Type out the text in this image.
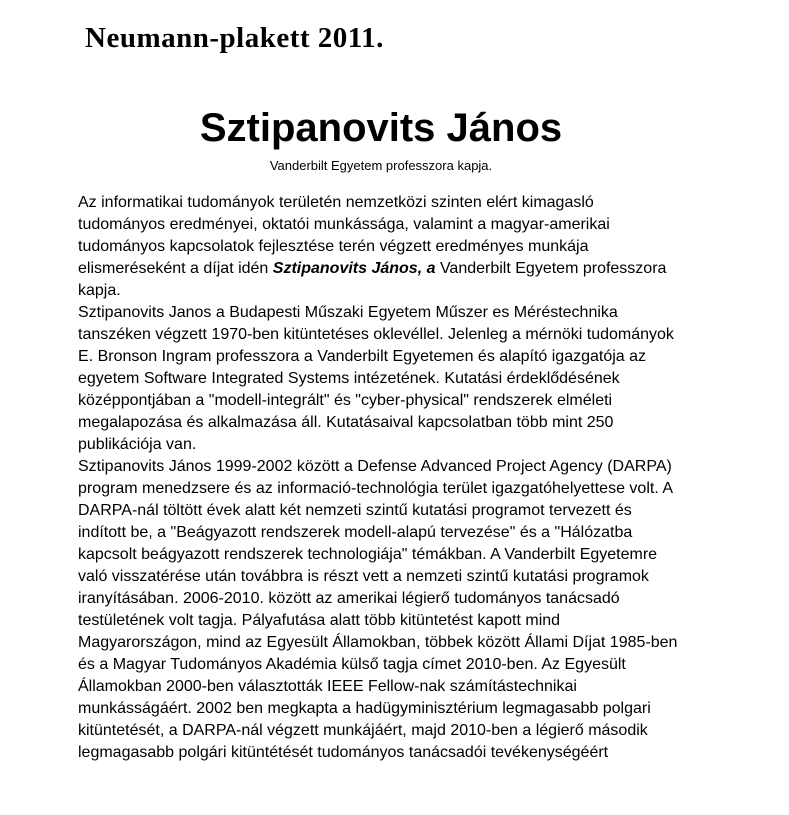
Neumann-plakett 2011.
Sztipanovits János
Vanderbilt Egyetem professzora kapja.
Az informatikai tudományok területén nemzetközi szinten elért kimagasló
tudományos eredményei, oktatói munkássága, valamint a magyar-amerikai
tudományos kapcsolatok fejlesztése terén végzett eredményes munkája
elismeréseként a díjat idén Sztipanovits János, a Vanderbilt Egyetem professzora
kapja.
Sztipanovits Janos a Budapesti Műszaki Egyetem Műszer es Méréstechnika
tanszéken végzett 1970-ben kitüntetéses oklevéllel. Jelenleg a mérnöki tudományok
E. Bronson Ingram professzora a Vanderbilt Egyetemen és alapító igazgatója az
egyetem Software Integrated Systems intézetének. Kutatási érdeklődésének
középpontjában a "modell-integrált" és "cyber-physical" rendszerek elméleti
megalapozása és alkalmazása áll. Kutatásaival kapcsolatban több mint 250
publikációja van.
Sztipanovits János 1999-2002 között a Defense Advanced Project Agency (DARPA)
program menedzsere és az informació-technológia terület igazgatóhelyettese volt. A
DARPA-nál töltött évek alatt két nemzeti szintű kutatási programot tervezett és
indított be, a "Beágyazott rendszerek modell-alapú tervezése" és a "Hálózatba
kapcsolt beágyazott rendszerek technologiája" témákban. A Vanderbilt Egyetemre
való visszatérése után továbbra is részt vett a nemzeti szintű kutatási programok
iranyításában. 2006-2010. között az amerikai légierő tudományos tanácsadó
testületének volt tagja. Pályafutása alatt több kitüntetést kapott mind
Magyarországon, mind az Egyesült Államokban, többek között Állami Díjat 1985-ben
és a Magyar Tudományos Akadémia külső tagja címet 2010-ben. Az Egyesült
Államokban 2000-ben választották IEEE Fellow-nak számítástechnikai
munkásságáért. 2002 ben megkapta a hadügyminisztérium legmagasabb polgari
kitüntetését, a DARPA-nál végzett munkájáért, majd 2010-ben a légierő második
legmagasabb polgári kitüntétését tudományos tanácsadói tevékenységéért
